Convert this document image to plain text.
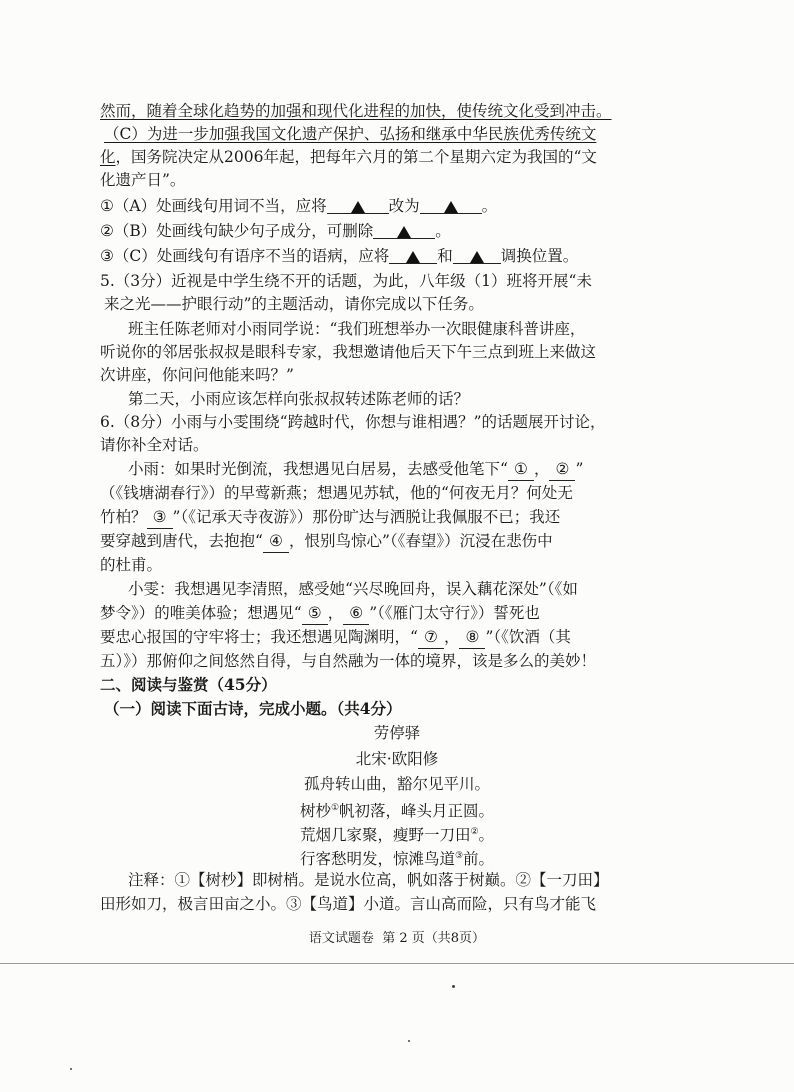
然而，随着全球化趋势的加强和现代化进程的加快，使传统文化受到冲击。
（C）为进一步加强我国文化遗产保护、弘扬和继承中华民族优秀传统文
化，国务院决定从2006年起，把每年六月的第二个星期六定为我国的“文
化遗产日”。
①（A）处画线句用词不当，应将	改为	。
②（B）处画线句缺少句子成分，可删除	。
③（C）处画线句有语序不当的语病，应将	和	调换位置。
5.（3分）近视是中学生绕不开的话题，为此，八年级（1）班将开展“未
来之光——护眼行动”的主题活动，请你完成以下任务。
班主任陈老师对小雨同学说：“我们班想举办一次眼健康科普讲座，
听说你的邻居张叔叔是眼科专家，我想邀请他后天下午三点到班上来做这
次讲座，你问问他能来吗？”
第二天，小雨应该怎样向张叔叔转述陈老师的话？
6.（8分）小雨与小雯围绕“跨越时代，你想与谁相遇？”的话题展开讨论，
请你补全对话。
小雨：如果时光倒流，我想遇见白居易，去感受他笔下“ ① ， ② ”
（《钱塘湖春行》）的早莺新燕；想遇见苏轼，他的“何夜无月？何处无
竹柏？ ③ ”（《记承天寺夜游》）那份旷达与洒脱让我佩服不已；我还
要穿越到唐代，去抱抱“ ④ ，恨别鸟惊心”（《春望》）沉浸在悲伤中
的杜甫。
小雯：我想遇见李清照，感受她“兴尽晚回舟，误入藕花深处”（《如
梦令》）的唯美体验；想遇见“ ⑤ ， ⑥ ”（《雁门太守行》）誓死也
要忠心报国的守牢将士；我还想遇见陶渊明，“ ⑦ ， ⑧ ”（《饮酒（其
五）》）那俯仰之间悠然自得，与自然融为一体的境界，该是多么的美妙！
二、阅读与鉴赏（45分）
（一）阅读下面古诗，完成小题。（共4分）
劳停驿
北宋·欧阳修
孤舟转山曲，豁尔见平川。
树杪①帆初落，峰头月正圆。
荒烟几家聚，瘦野一刀田②。
行客愁明发，惊滩鸟道③前。
注释：①【树杪】即树梢。是说水位高，帆如落于树巅。②【一刀田】
田形如刀，极言田亩之小。③【鸟道】小道。言山高而险，只有鸟才能飞
语文试题卷 第 2 页（共8页）
